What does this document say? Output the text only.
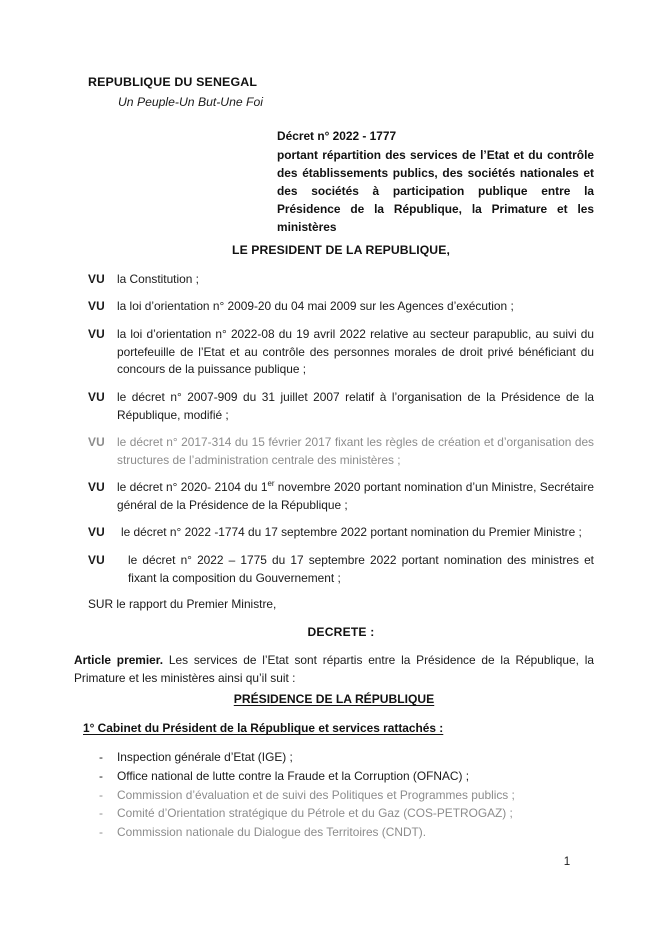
REPUBLIQUE DU SENEGAL
Un Peuple-Un But-Une Foi
Décret n° 2022 - 1777
portant répartition des services de l’Etat et du contrôle des établissements publics, des sociétés nationales et des sociétés à participation publique entre la Présidence de la République, la Primature et les ministères
LE PRESIDENT DE LA REPUBLIQUE,
VU la Constitution ;
VU la loi d’orientation n° 2009-20 du 04 mai 2009 sur les Agences d’exécution ;
VU la loi d’orientation n° 2022-08 du 19 avril 2022 relative au secteur parapublic, au suivi du portefeuille de l’Etat et au contrôle des personnes morales de droit privé bénéficiant du concours de la puissance publique ;
VU le décret n° 2007-909 du 31 juillet 2007 relatif à l’organisation de la Présidence de la République, modifié ;
VU le décret n° 2017-314 du 15 février 2017 fixant les règles de création et d’organisation des structures de l’administration centrale des ministères ;
VU le décret n° 2020- 2104 du 1er novembre 2020 portant nomination d’un Ministre, Secrétaire général de la Présidence de la République ;
VU le décret n° 2022 -1774 du 17 septembre 2022 portant nomination du Premier Ministre ;
VU le décret n° 2022 – 1775 du 17 septembre 2022 portant nomination des ministres et fixant la composition du Gouvernement ;
SUR le rapport du Premier Ministre,
DECRETE :
Article premier. Les services de l’Etat sont répartis entre la Présidence de la République, la Primature et les ministères ainsi qu’il suit :
PRÉSIDENCE DE LA RÉPUBLIQUE
1° Cabinet du Président de la République et services rattachés :
- Inspection générale d’Etat (IGE) ;
- Office national de lutte contre la Fraude et la Corruption (OFNAC) ;
- Commission d’évaluation et de suivi des Politiques et Programmes publics ;
- Comité d’Orientation stratégique du Pétrole et du Gaz (COS-PETROGAZ) ;
- Commission nationale du Dialogue des Territoires (CNDT).
1
